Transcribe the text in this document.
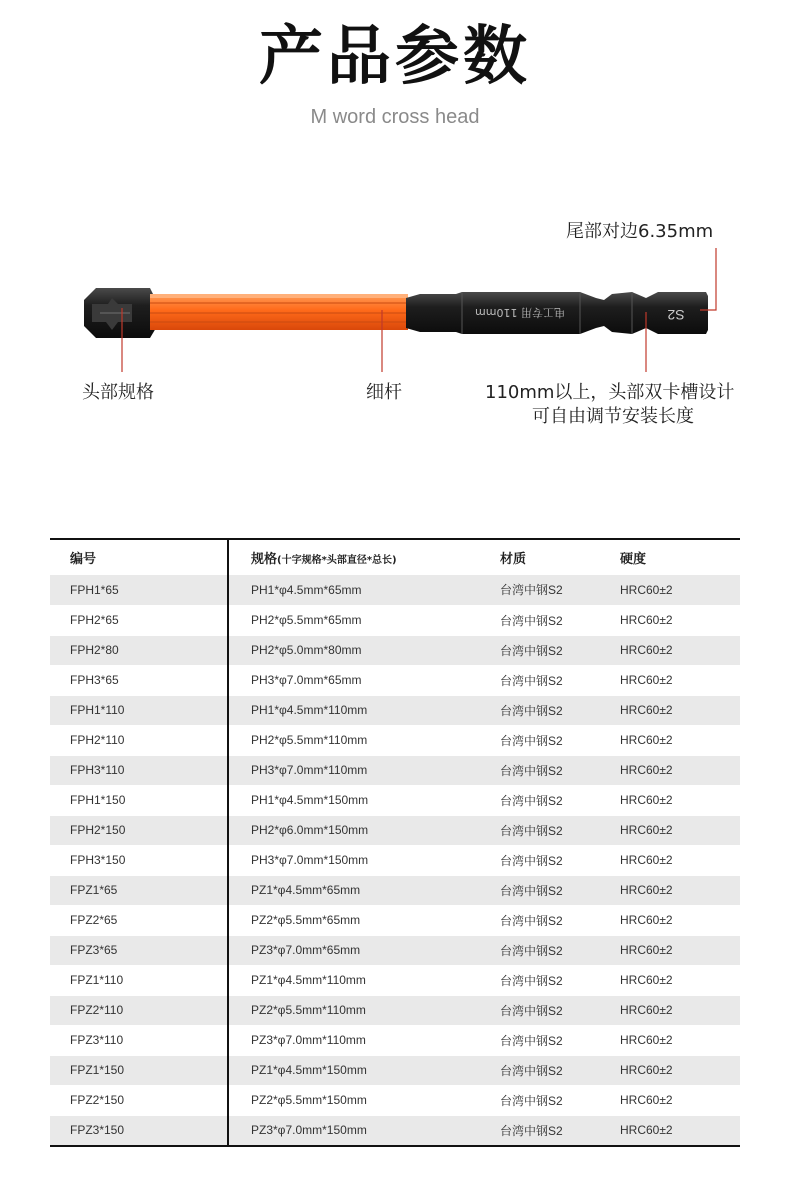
产品参数
M word cross head
电工专用 110mm	S2
尾部对边6.35mm
头部规格	细杆	110mm以上，头部双卡槽设计
可自由调节安装长度
编号	规格(十字规格*头部直径*总长)	材质	硬度
FPH1*65	PH1*φ4.5mm*65mm	台湾中钢S2	HRC60±2
FPH2*65	PH2*φ5.5mm*65mm	台湾中钢S2	HRC60±2
FPH2*80	PH2*φ5.0mm*80mm	台湾中钢S2	HRC60±2
FPH3*65	PH3*φ7.0mm*65mm	台湾中钢S2	HRC60±2
FPH1*110	PH1*φ4.5mm*110mm	台湾中钢S2	HRC60±2
FPH2*110	PH2*φ5.5mm*110mm	台湾中钢S2	HRC60±2
FPH3*110	PH3*φ7.0mm*110mm	台湾中钢S2	HRC60±2
FPH1*150	PH1*φ4.5mm*150mm	台湾中钢S2	HRC60±2
FPH2*150	PH2*φ6.0mm*150mm	台湾中钢S2	HRC60±2
FPH3*150	PH3*φ7.0mm*150mm	台湾中钢S2	HRC60±2
FPZ1*65	PZ1*φ4.5mm*65mm	台湾中钢S2	HRC60±2
FPZ2*65	PZ2*φ5.5mm*65mm	台湾中钢S2	HRC60±2
FPZ3*65	PZ3*φ7.0mm*65mm	台湾中钢S2	HRC60±2
FPZ1*110	PZ1*φ4.5mm*110mm	台湾中钢S2	HRC60±2
FPZ2*110	PZ2*φ5.5mm*110mm	台湾中钢S2	HRC60±2
FPZ3*110	PZ3*φ7.0mm*110mm	台湾中钢S2	HRC60±2
FPZ1*150	PZ1*φ4.5mm*150mm	台湾中钢S2	HRC60±2
FPZ2*150	PZ2*φ5.5mm*150mm	台湾中钢S2	HRC60±2
FPZ3*150	PZ3*φ7.0mm*150mm	台湾中钢S2	HRC60±2
